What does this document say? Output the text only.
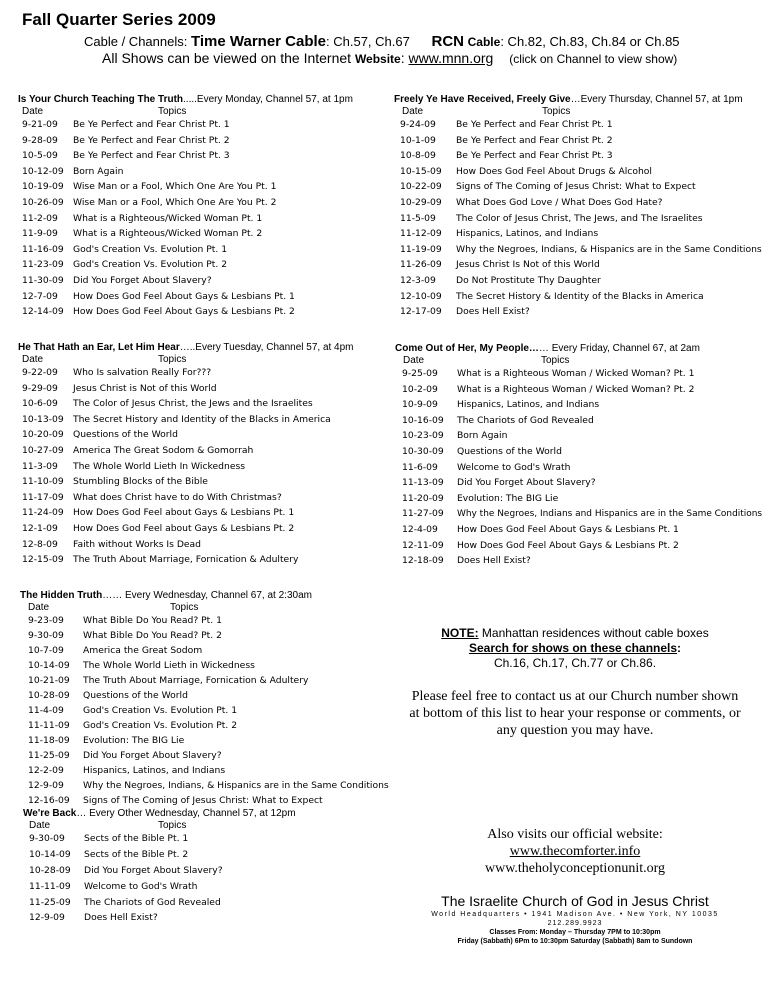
Fall Quarter Series 2009
Cable / Channels: Time Warner Cable: Ch.57, Ch.67 RCN Cable: Ch.82, Ch.83, Ch.84 or Ch.85
All Shows can be viewed on the Internet Website: www.mnn.org (click on Channel to view show)
Is Your Church Teaching The Truth.....Every Monday, Channel 57, at 1pm
Date	Topics
9-21-09 Be Ye Perfect and Fear Christ Pt. 1
9-28-09 Be Ye Perfect and Fear Christ Pt. 2
10-5-09 Be Ye Perfect and Fear Christ Pt. 3
10-12-09 Born Again
10-19-09 Wise Man or a Fool, Which One Are You Pt. 1
10-26-09 Wise Man or a Fool, Which One Are You Pt. 2
11-2-09 What is a Righteous/Wicked Woman Pt. 1
11-9-09 What is a Righteous/Wicked Woman Pt. 2
11-16-09 God's Creation Vs. Evolution Pt. 1
11-23-09 God's Creation Vs. Evolution Pt. 2
11-30-09 Did You Forget About Slavery?
12-7-09 How Does God Feel About Gays & Lesbians Pt. 1
12-14-09 How Does God Feel About Gays & Lesbians Pt. 2
Freely Ye Have Received, Freely Give…Every Thursday, Channel 57, at 1pm
Date	Topics
9-24-09 Be Ye Perfect and Fear Christ Pt. 1
10-1-09 Be Ye Perfect and Fear Christ Pt. 2
10-8-09 Be Ye Perfect and Fear Christ Pt. 3
10-15-09 How Does God Feel About Drugs & Alcohol
10-22-09 Signs of The Coming of Jesus Christ: What to Expect
10-29-09 What Does God Love / What Does God Hate?
11-5-09 The Color of Jesus Christ, The Jews, and The Israelites
11-12-09 Hispanics, Latinos, and Indians
11-19-09 Why the Negroes, Indians, & Hispanics are in the Same Conditions
11-26-09 Jesus Christ Is Not of this World
12-3-09 Do Not Prostitute Thy Daughter
12-10-09 The Secret History & Identity of the Blacks in America
12-17-09 Does Hell Exist?
He That Hath an Ear, Let Him Hear…..Every Tuesday, Channel 57, at 4pm
Date	Topics
9-22-09 Who Is salvation Really For???
9-29-09 Jesus Christ is Not of this World
10-6-09 The Color of Jesus Christ, the Jews and the Israelites
10-13-09 The Secret History and Identity of the Blacks in America
10-20-09 Questions of the World
10-27-09 America The Great Sodom & Gomorrah
11-3-09 The Whole World Lieth In Wickedness
11-10-09 Stumbling Blocks of the Bible
11-17-09 What does Christ have to do With Christmas?
11-24-09 How Does God Feel about Gays & Lesbians Pt. 1
12-1-09 How Does God Feel about Gays & Lesbians Pt. 2
12-8-09 Faith without Works Is Dead
12-15-09 The Truth About Marriage, Fornication & Adultery
Come Out of Her, My People…… Every Friday, Channel 67, at 2am
Date	Topics
9-25-09 What is a Righteous Woman / Wicked Woman? Pt. 1
10-2-09 What is a Righteous Woman / Wicked Woman? Pt. 2
10-9-09 Hispanics, Latinos, and Indians
10-16-09 The Chariots of God Revealed
10-23-09 Born Again
10-30-09 Questions of the World
11-6-09 Welcome to God's Wrath
11-13-09 Did You Forget About Slavery?
11-20-09 Evolution: The BIG Lie
11-27-09 Why the Negroes, Indians and Hispanics are in the Same Conditions
12-4-09 How Does God Feel About Gays & Lesbians Pt. 1
12-11-09 How Does God Feel About Gays & Lesbians Pt. 2
12-18-09 Does Hell Exist?
The Hidden Truth…… Every Wednesday, Channel 67, at 2:30am
Date	Topics
9-23-09 What Bible Do You Read? Pt. 1
9-30-09 What Bible Do You Read? Pt. 2
10-7-09 America the Great Sodom
10-14-09 The Whole World Lieth in Wickedness
10-21-09 The Truth About Marriage, Fornication & Adultery
10-28-09 Questions of the World
11-4-09 God's Creation Vs. Evolution Pt. 1
11-11-09 God's Creation Vs. Evolution Pt. 2
11-18-09 Evolution: The BIG Lie
11-25-09 Did You Forget About Slavery?
12-2-09 Hispanics, Latinos, and Indians
12-9-09 Why the Negroes, Indians, & Hispanics are in the Same Conditions
12-16-09 Signs of The Coming of Jesus Christ: What to Expect
We're Back… Every Other Wednesday, Channel 57, at 12pm
Date	Topics
9-30-09 Sects of the Bible Pt. 1
10-14-09 Sects of the Bible Pt. 2
10-28-09 Did You Forget About Slavery?
11-11-09 Welcome to God's Wrath
11-25-09 The Chariots of God Revealed
12-9-09 Does Hell Exist?
NOTE: Manhattan residences without cable boxes
Search for shows on these channels:
Ch.16, Ch.17, Ch.77 or Ch.86.
Please feel free to contact us at our Church number shown at bottom of this list to hear your response or comments, or any question you may have.
Also visits our official website:
www.thecomforter.info
www.theholyconceptionunit.org
The Israelite Church of God in Jesus Christ
World Headquarters • 1941 Madison Ave. • New York, NY 10035
212.289.9923
Classes From: Monday – Thursday 7PM to 10:30pm
Friday (Sabbath) 6Pm to 10:30pm Saturday (Sabbath) 8am to Sundown
